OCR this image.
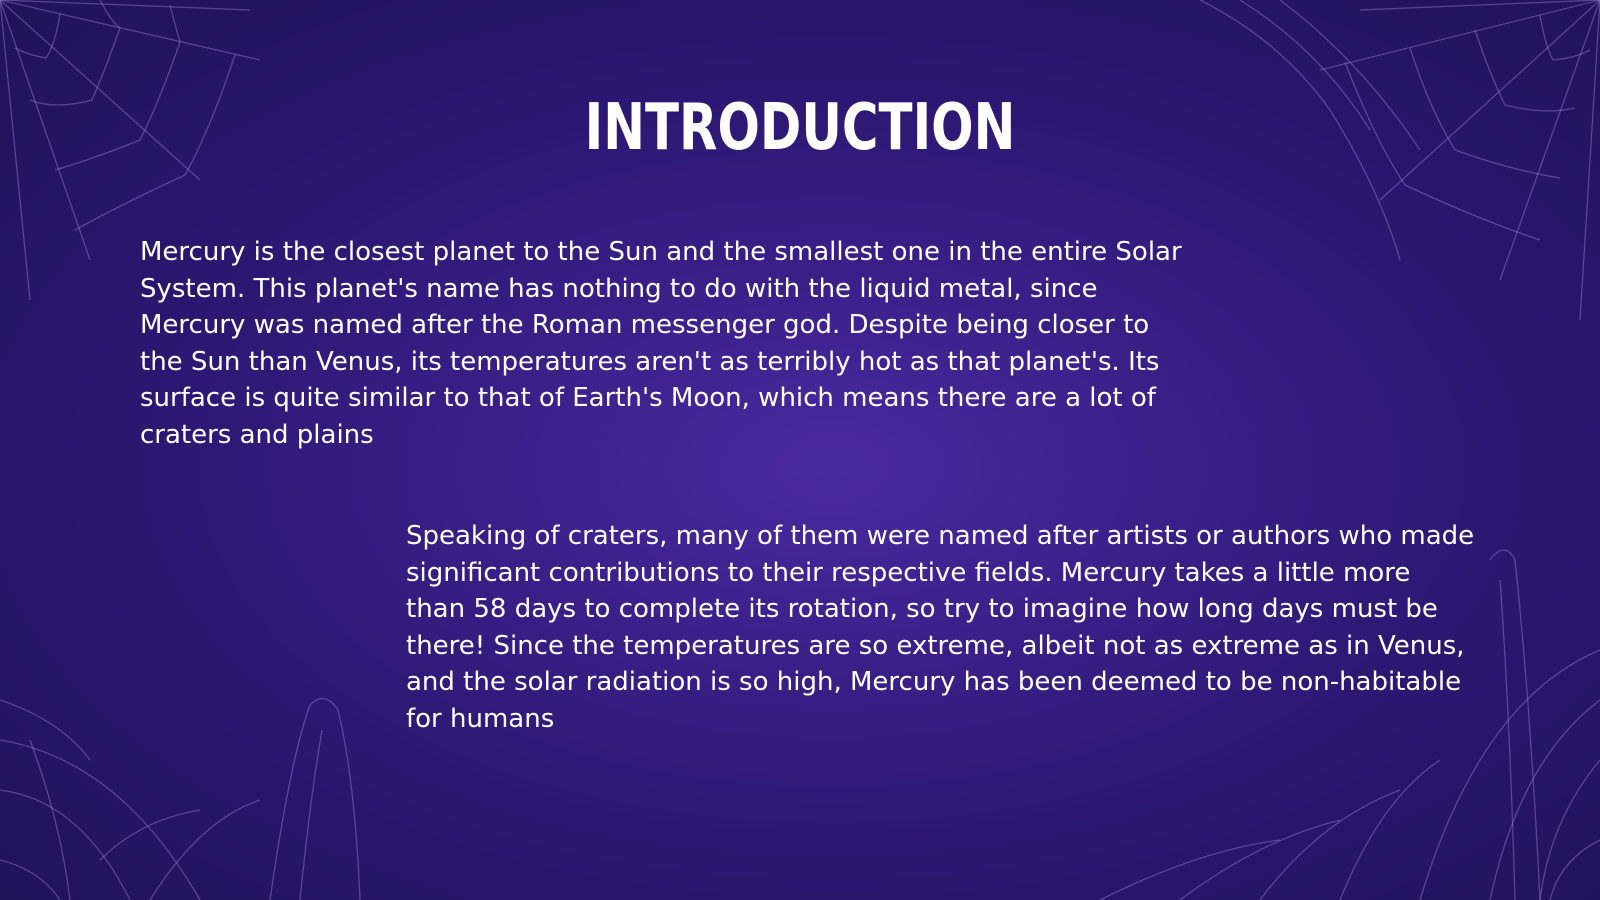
INTRODUCTION

Mercury is the closest planet to the Sun and the smallest one in the entire Solar System. This planet's name has nothing to do with the liquid metal, since Mercury was named after the Roman messenger god. Despite being closer to the Sun than Venus, its temperatures aren't as terribly hot as that planet's. Its surface is quite similar to that of Earth's Moon, which means there are a lot of craters and plains

Speaking of craters, many of them were named after artists or authors who made significant contributions to their respective fields. Mercury takes a little more than 58 days to complete its rotation, so try to imagine how long days must be there! Since the temperatures are so extreme, albeit not as extreme as in Venus, and the solar radiation is so high, Mercury has been deemed to be non-habitable for humans
